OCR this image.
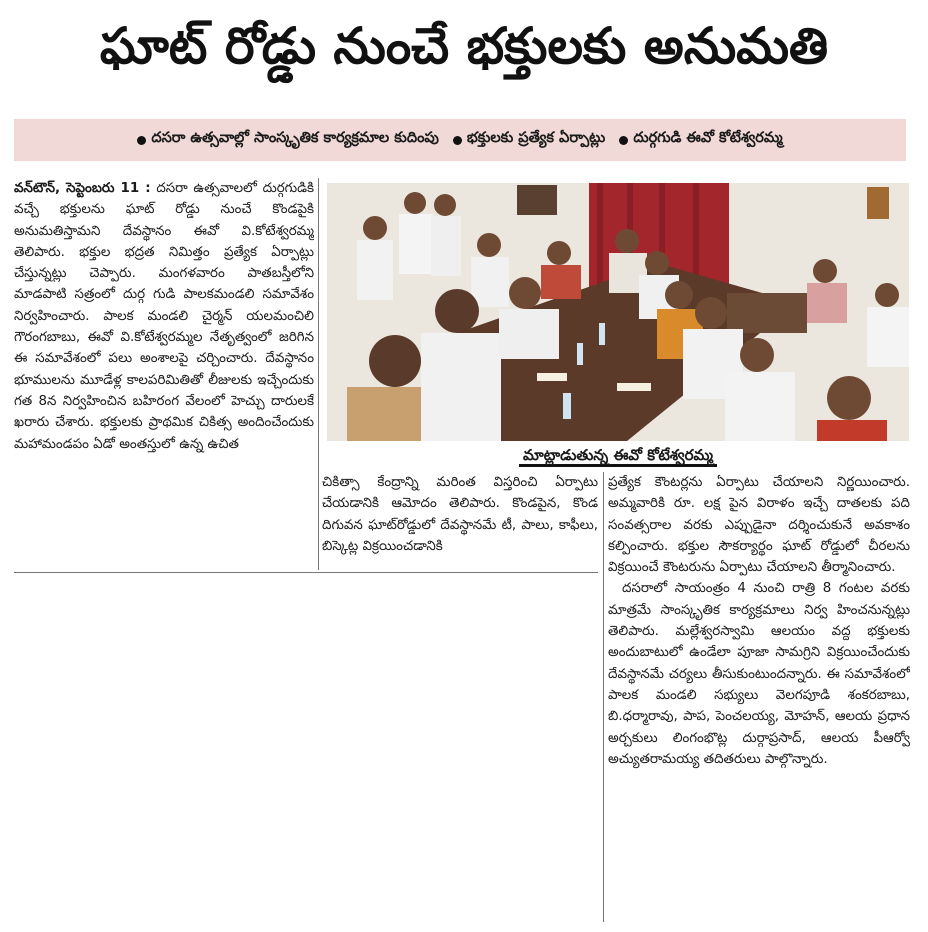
ఘాట్ రోడ్డు నుంచే భక్తులకు అనుమతి
దసరా ఉత్సవాల్లో సాంస్కృతిక కార్యక్రమాల కుదింపు భక్తులకు ప్రత్యేక ఏర్పాట్లు దుర్గగుడి ఈవో కోటేశ్వరమ్మ

వన్‌టౌన్‌, సెప్టెంబరు 11 : దసరా ఉత్సవాలలో దుర్గగుడికి వచ్చే భక్తులను ఘాట్ రోడ్డు నుంచే కొండపైకి అనుమతిస్తామని దేవస్థానం ఈవో వి.కోటేశ్వరమ్మ తెలిపారు. భక్తుల భద్రత నిమిత్తం ప్రత్యేక ఏర్పాట్లు చేస్తున్నట్లు చెప్పారు. మంగళవారం పాతబస్తీలోని మాడపాటి సత్రంలో దుర్గ గుడి పాలకమండలి సమావేశం నిర్వహించారు. పాలక మండలి చైర్మన్ యలమంచిలి గౌరంగబాబు, ఈవో వి.కోటేశ్వరమ్మల నేతృత్వంలో జరిగిన ఈ సమావేశంలో పలు అంశాలపై చర్చించారు. దేవస్థానం భూములను మూడేళ్ల కాలపరిమితితో లీజులకు ఇచ్చేందుకు గత 8న నిర్వహించిన బహిరంగ వేలంలో హెచ్చు దారులకే ఖరారు చేశారు. భక్తులకు ప్రాథమిక చికిత్స అందించేందుకు మహామండపం ఏడో అంతస్తులో ఉన్న ఉచిత

మాట్లాడుతున్న ఈవో కోటేశ్వరమ్మ

చికిత్సా కేంద్రాన్ని మరింత విస్తరించి ఏర్పాటు చేయడానికి ఆమోదం తెలిపారు. కొండపైన, కొండ దిగువన ఘాట్‌రోడ్డులో దేవస్థానమే టీ, పాలు, కాఫీలు, బిస్కెట్ల విక్రయించడానికి

ప్రత్యేక కౌంటర్లను ఏర్పాటు చేయాలని నిర్ణయించారు. అమ్మవారికి రూ. లక్ష పైన విరాళం ఇచ్చే దాతలకు పది సంవత్సరాల వరకు ఎప్పుడైనా దర్శించుకునే అవకాశం కల్పించారు. భక్తుల సౌకర్యార్థం ఘాట్ రోడ్డులో చీరలను విక్రయించే కౌంటరును ఏర్పాటు చేయాలని తీర్మానించారు.

దసరాలో సాయంత్రం 4 నుంచి రాత్రి 8 గంటల వరకు మాత్రమే సాంస్కృతిక కార్యక్రమాలు నిర్వ హించనున్నట్లు తెలిపారు. మల్లేశ్వరస్వామి ఆలయం వద్ద భక్తులకు అందుబాటులో ఉండేలా పూజా సామగ్రిని విక్రయించేందుకు దేవస్థానమే చర్యలు తీసుకుంటుందన్నారు. ఈ సమావేశంలో పాలక మండలి సభ్యులు వెలగపూడి శంకరబాబు, బి.ధర్మారావు, పాప, పెంచలయ్య, మోహన్, ఆలయ ప్రధాన అర్చకులు లింగంభొట్ల దుర్గాప్రసాద్, ఆలయ పీఆర్వో అచ్యుతరామయ్య తదితరులు పాల్గొన్నారు.
